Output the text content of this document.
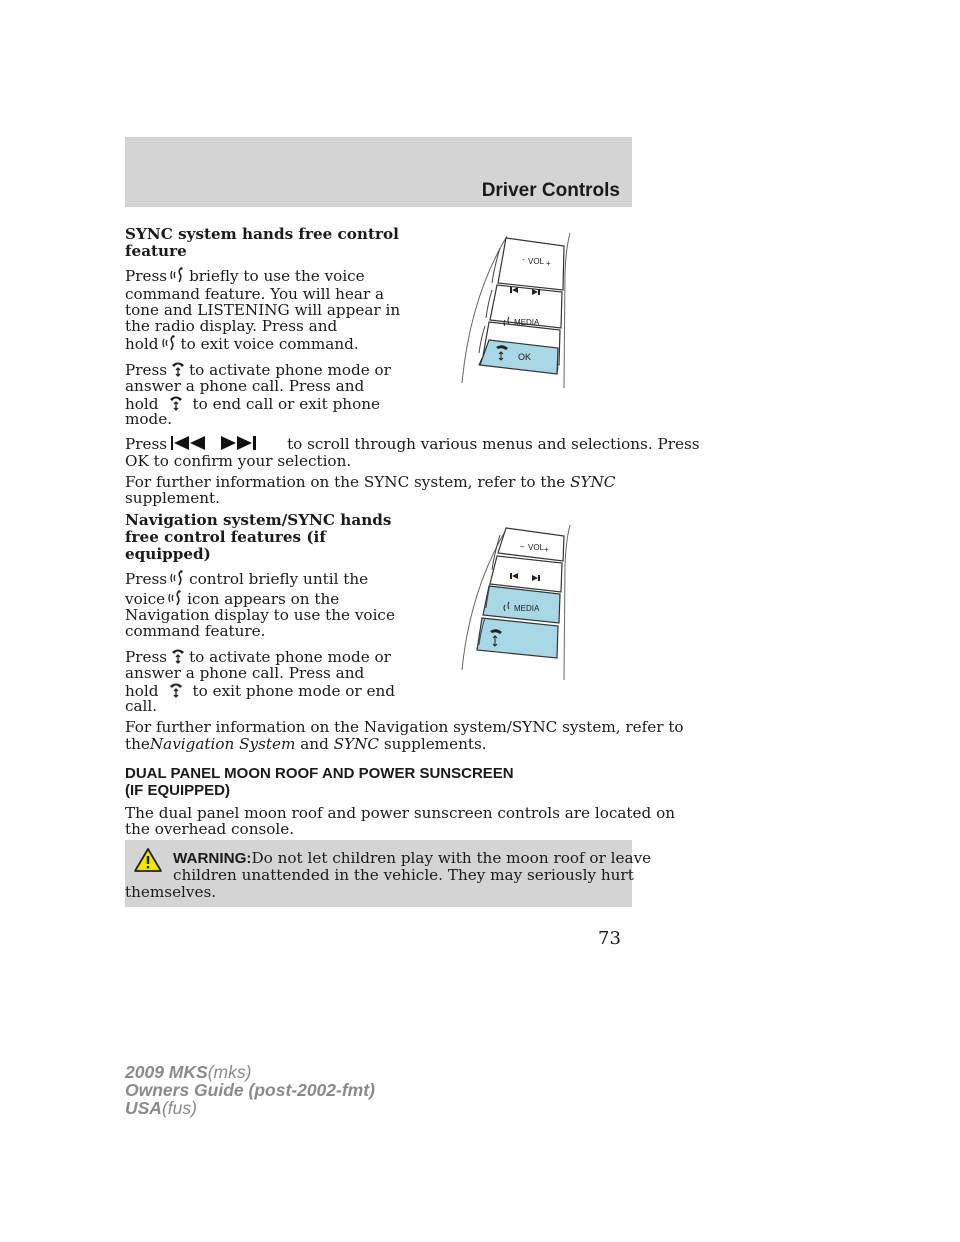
Driver Controls
SYNC system hands free control
feature
Press briefly to use the voice
command feature. You will hear a
tone and LISTENING will appear in
the radio display. Press and
hold to exit voice command.
Press to activate phone mode or
answer a phone call. Press and
hold to end call or exit phone
mode.
Press	to scroll through various menus and selections. Press
OK to confirm your selection.
For further information on the SYNC system, refer to the SYNC
supplement.
Navigation system/SYNC hands
free control features (if
equipped)
Press control briefly until the
voice icon appears on the
Navigation display to use the voice
command feature.
Press to activate phone mode or
answer a phone call. Press and
hold to exit phone mode or end
call.
For further information on the Navigation system/SYNC system, refer to
theNavigation System and SYNC supplements.
DUAL PANEL MOON ROOF AND POWER SUNSCREEN
(IF EQUIPPED)
The dual panel moon roof and power sunscreen controls are located on
the overhead console.
WARNING:Do not let children play with the moon roof or leave
children unattended in the vehicle. They may seriously hurt
themselves.
- VOL +
MEDIA
OK
– VOL +
MEDIA
73
2009 MKS(mks)
Owners Guide (post-2002-fmt)
USA(fus)
